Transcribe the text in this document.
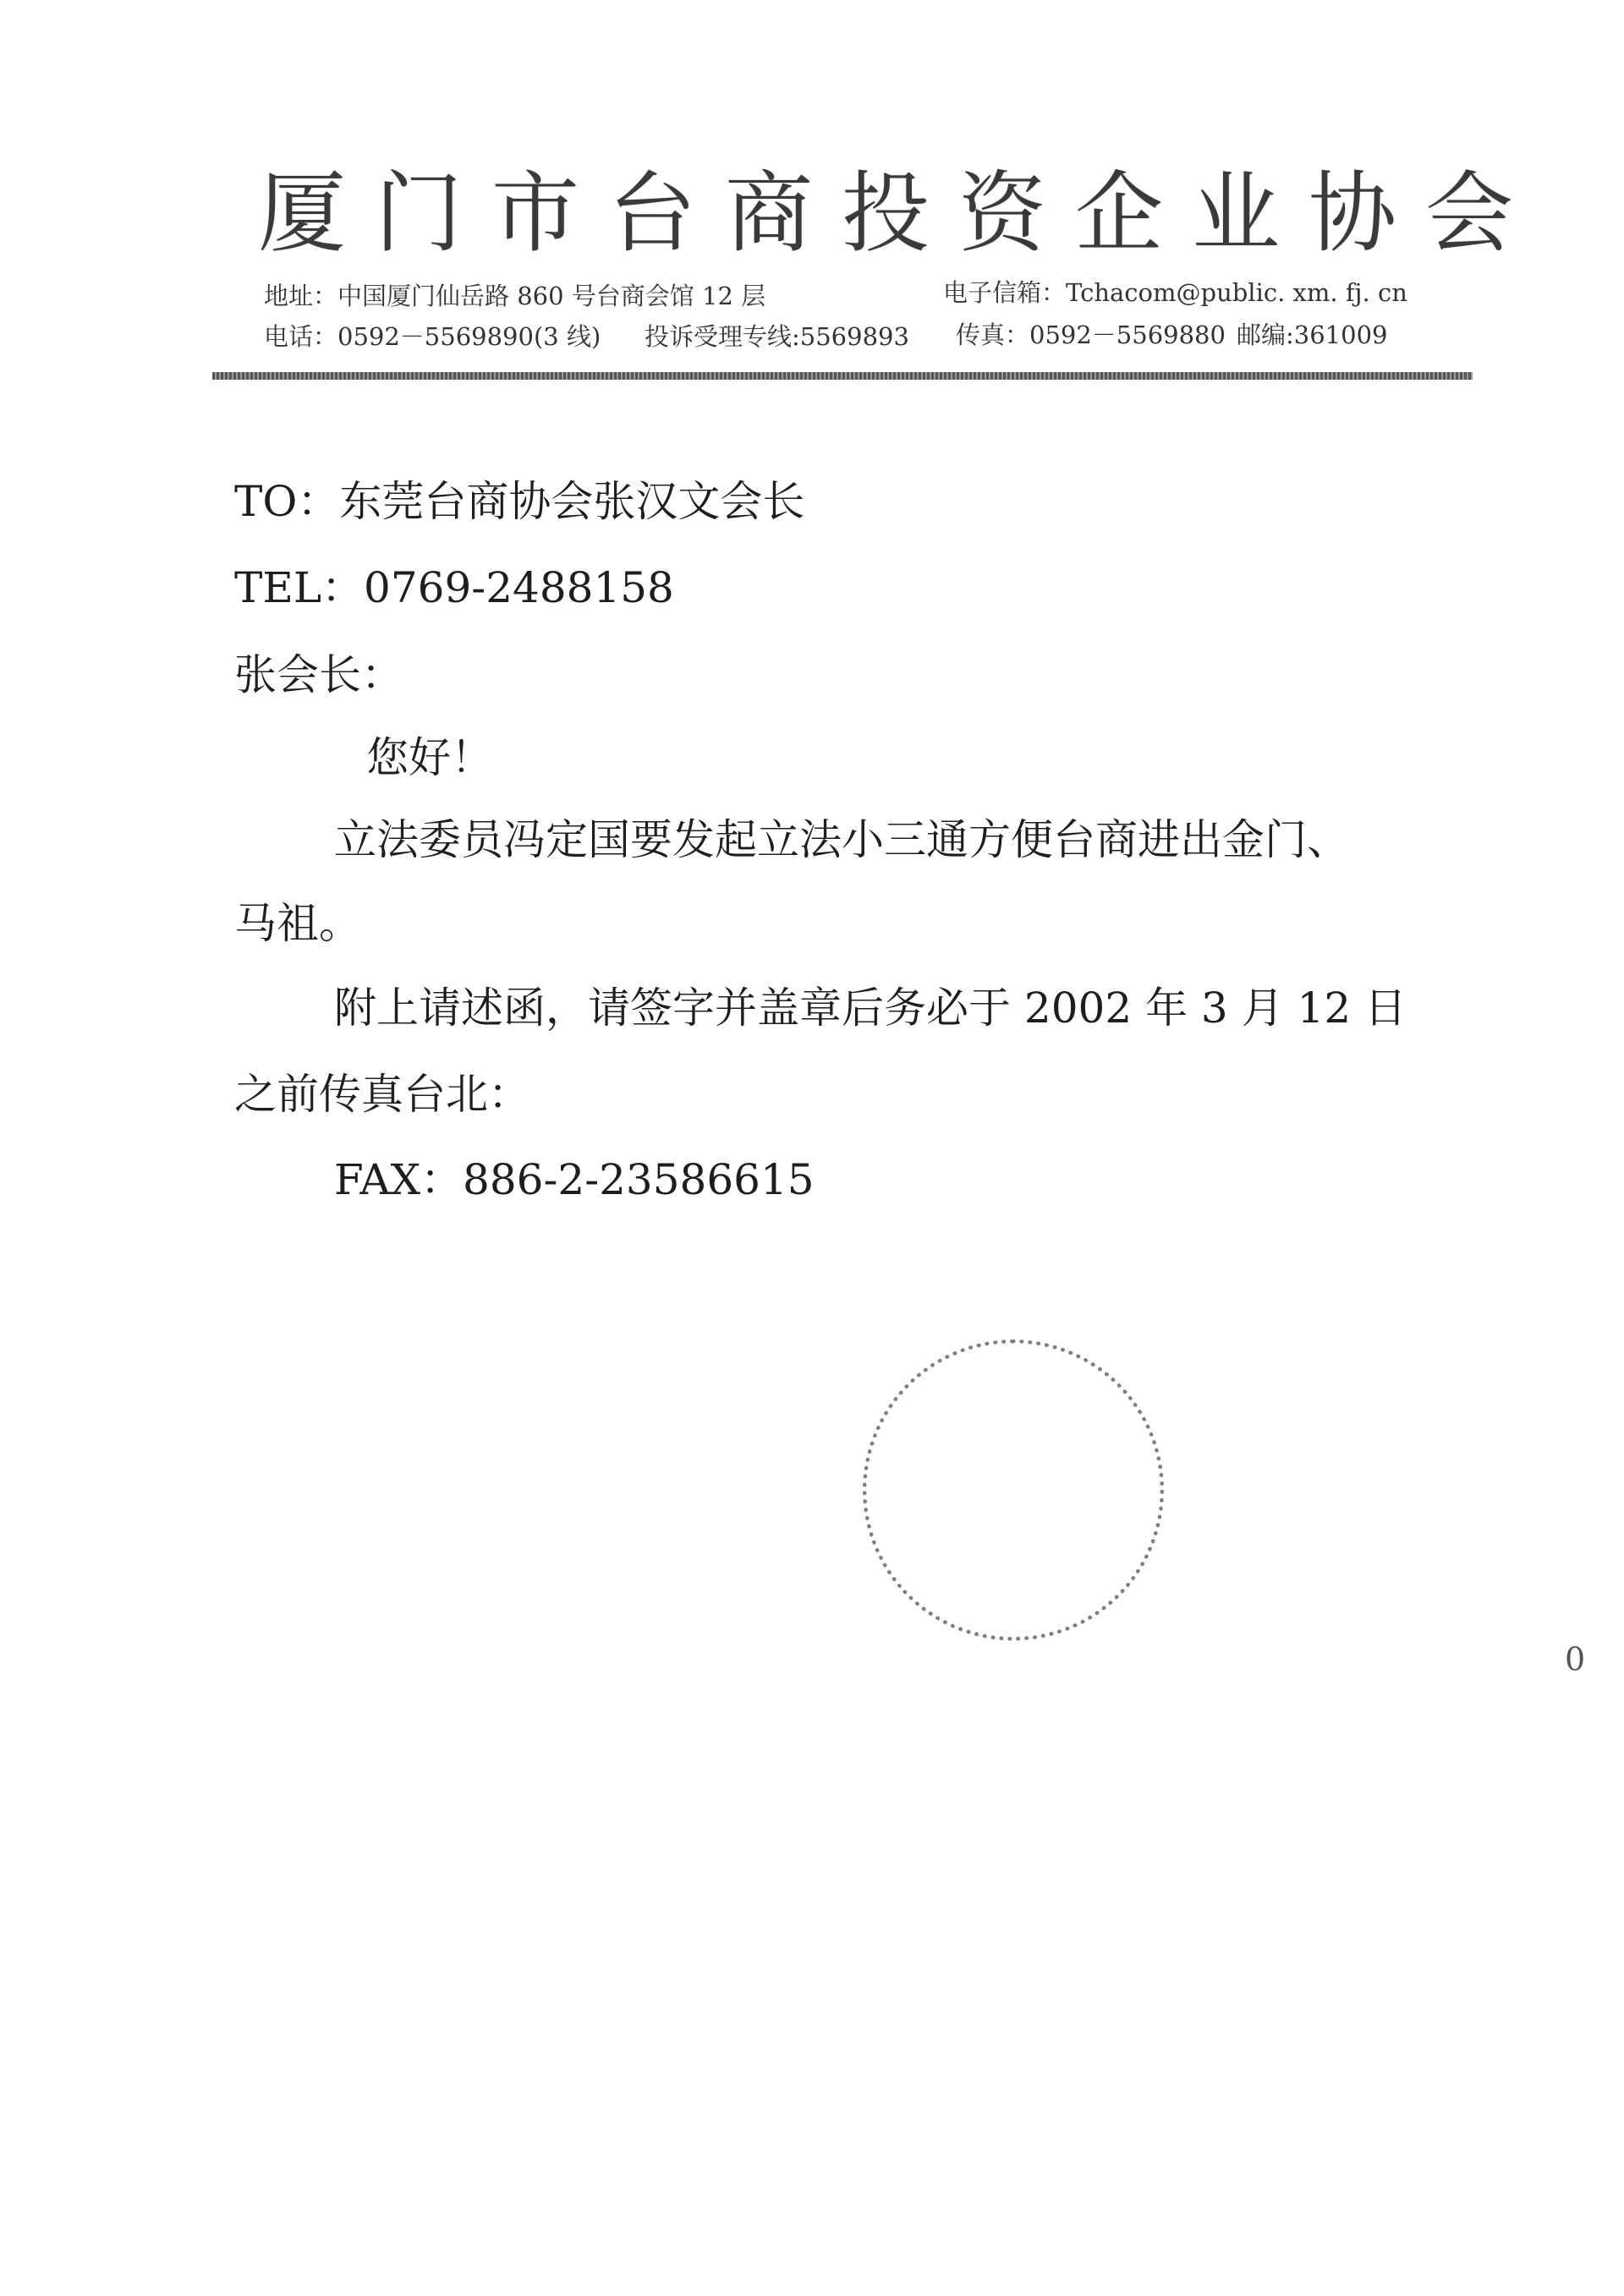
厦门市台商投资企业协会
地址：中国厦门仙岳路 860 号台商会馆 12 层	电子信箱：Tchacom@public. xm. fj. cn
电话：0592－5569890(3 线) 投诉受理专线:5569893 传真：0592－5569880 邮编:361009
TO：东莞台商协会张汉文会长
TEL：0769-2488158
张会长：
您好！
立法委员冯定国要发起立法小三通方便台商进出金门、
马祖。
附上请述函，请签字并盖章后务必于 2002 年 3 月 12 日
之前传真台北：
FAX：886-2-23586615
0
